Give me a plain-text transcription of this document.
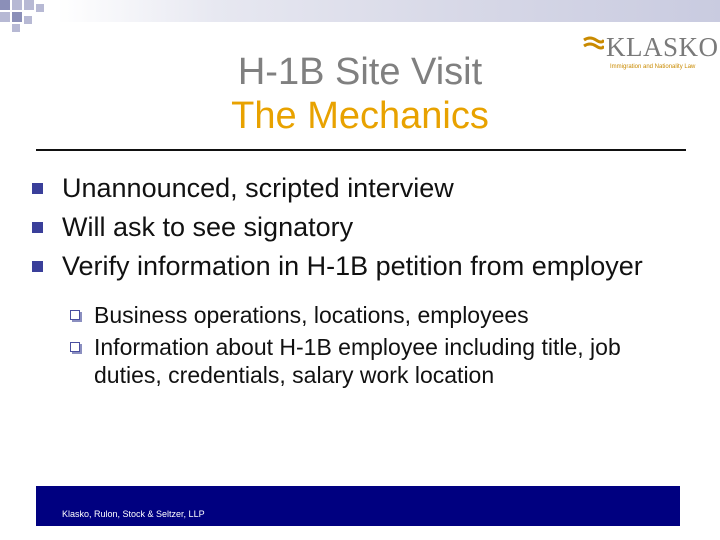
H-1B Site Visit
The Mechanics
KLASKO
Immigration and Nationality Law
Unannounced, scripted interview
Will ask to see signatory
Verify information in H-1B petition from employer
Business operations, locations, employees
Information about H-1B employee including title, job duties, credentials, salary work location
Klasko, Rulon, Stock & Seltzer, LLP
